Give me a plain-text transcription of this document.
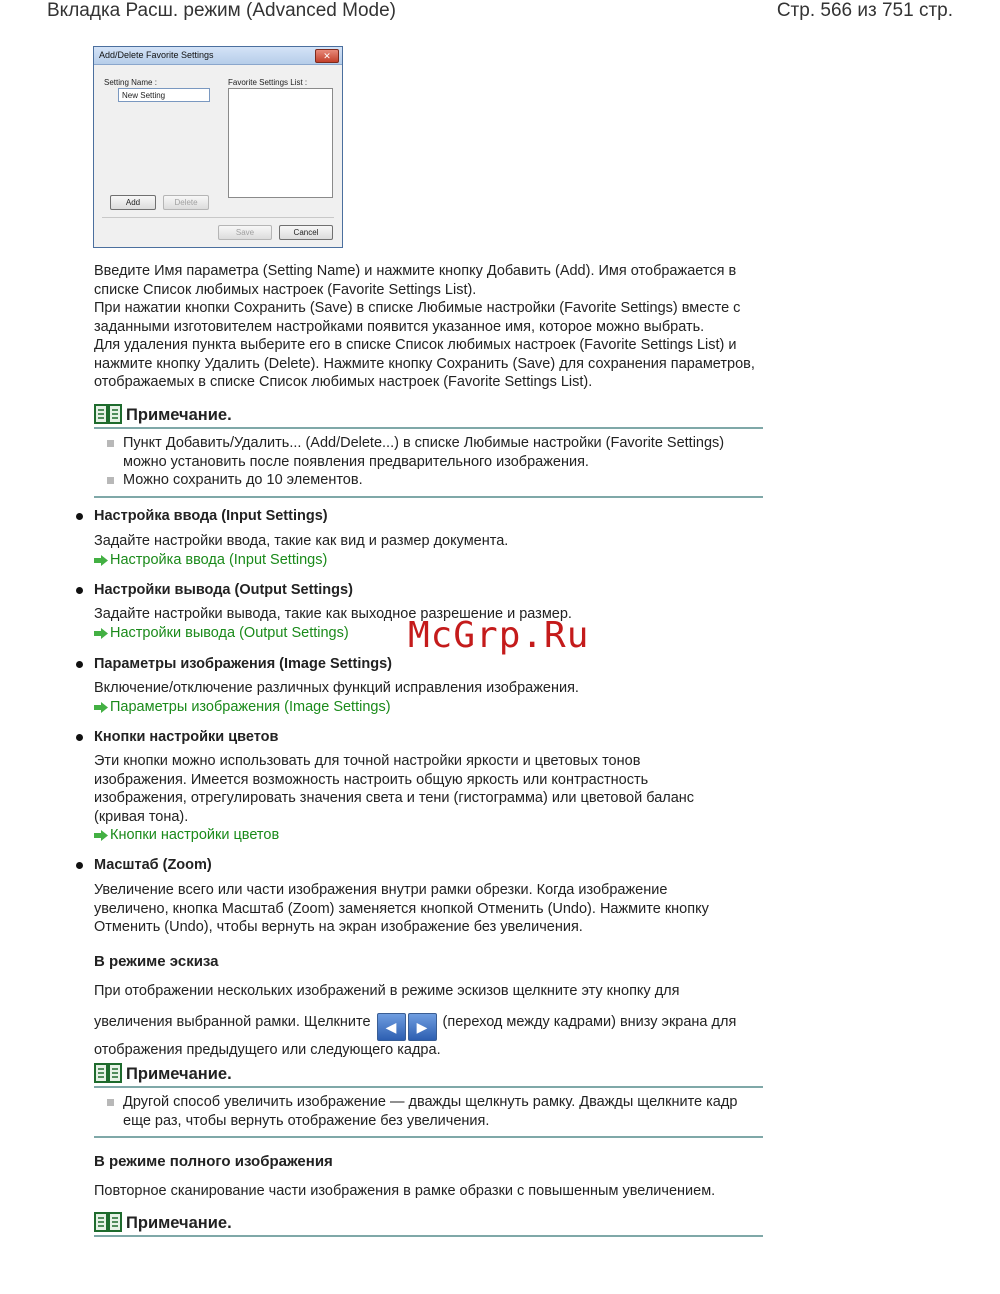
Вкладка Расш. режим (Advanced Mode)	Стр. 566 из 751 стр.
Add/Delete Favorite Settings	✕
Setting Name :
New Setting
Favorite Settings List :
Add	Delete
Save	Cancel

Введите Имя параметра (Setting Name) и нажмите кнопку Добавить (Add). Имя отображается в списке Список любимых настроек (Favorite Settings List).

При нажатии кнопки Сохранить (Save) в списке Любимые настройки (Favorite Settings) вместе с заданными изготовителем настройками появится указанное имя, которое можно выбрать.

Для удаления пункта выберите его в списке Список любимых настроек (Favorite Settings List) и нажмите кнопку Удалить (Delete). Нажмите кнопку Сохранить (Save) для сохранения параметров, отображаемых в списке Список любимых настроек (Favorite Settings List).

Примечание.
Пункт Добавить/Удалить... (Add/Delete...) в списке Любимые настройки (Favorite Settings) можно установить после появления предварительного изображения.
Можно сохранить до 10 элементов.
Настройка ввода (Input Settings)

Задайте настройки ввода, такие как вид и размер документа.

Настройка ввода (Input Settings)
Настройки вывода (Output Settings)

Задайте настройки вывода, такие как выходное разрешение и размер.

Настройки вывода (Output Settings)
Параметры изображения (Image Settings)

Включение/отключение различных функций исправления изображения.

Параметры изображения (Image Settings)
Кнопки настройки цветов

Эти кнопки можно использовать для точной настройки яркости и цветовых тонов изображения. Имеется возможность настроить общую яркость или контрастность изображения, отрегулировать значения света и тени (гистограмма) или цветовой баланс (кривая тона).

Кнопки настройки цветов
Масштаб (Zoom)

Увеличение всего или части изображения внутри рамки обрезки. Когда изображение увеличено, кнопка Масштаб (Zoom) заменяется кнопкой Отменить (Undo). Нажмите кнопку Отменить (Undo), чтобы вернуть на экран изображение без увеличения.

В режиме эскиза

При отображении нескольких изображений в режиме эскизов щелкните эту кнопку для

увеличения выбранной рамки. Щелкните ◀ ▶ (переход между кадрами) внизу экрана для

отображения предыдущего или следующего кадра.

Примечание.
Другой способ увеличить изображение — дважды щелкнуть рамку. Дважды щелкните кадр еще раз, чтобы вернуть отображение без увеличения.
В режиме полного изображения

Повторное сканирование части изображения в рамке образки с повышенным увеличением.

Примечание.
McGrp.Ru
